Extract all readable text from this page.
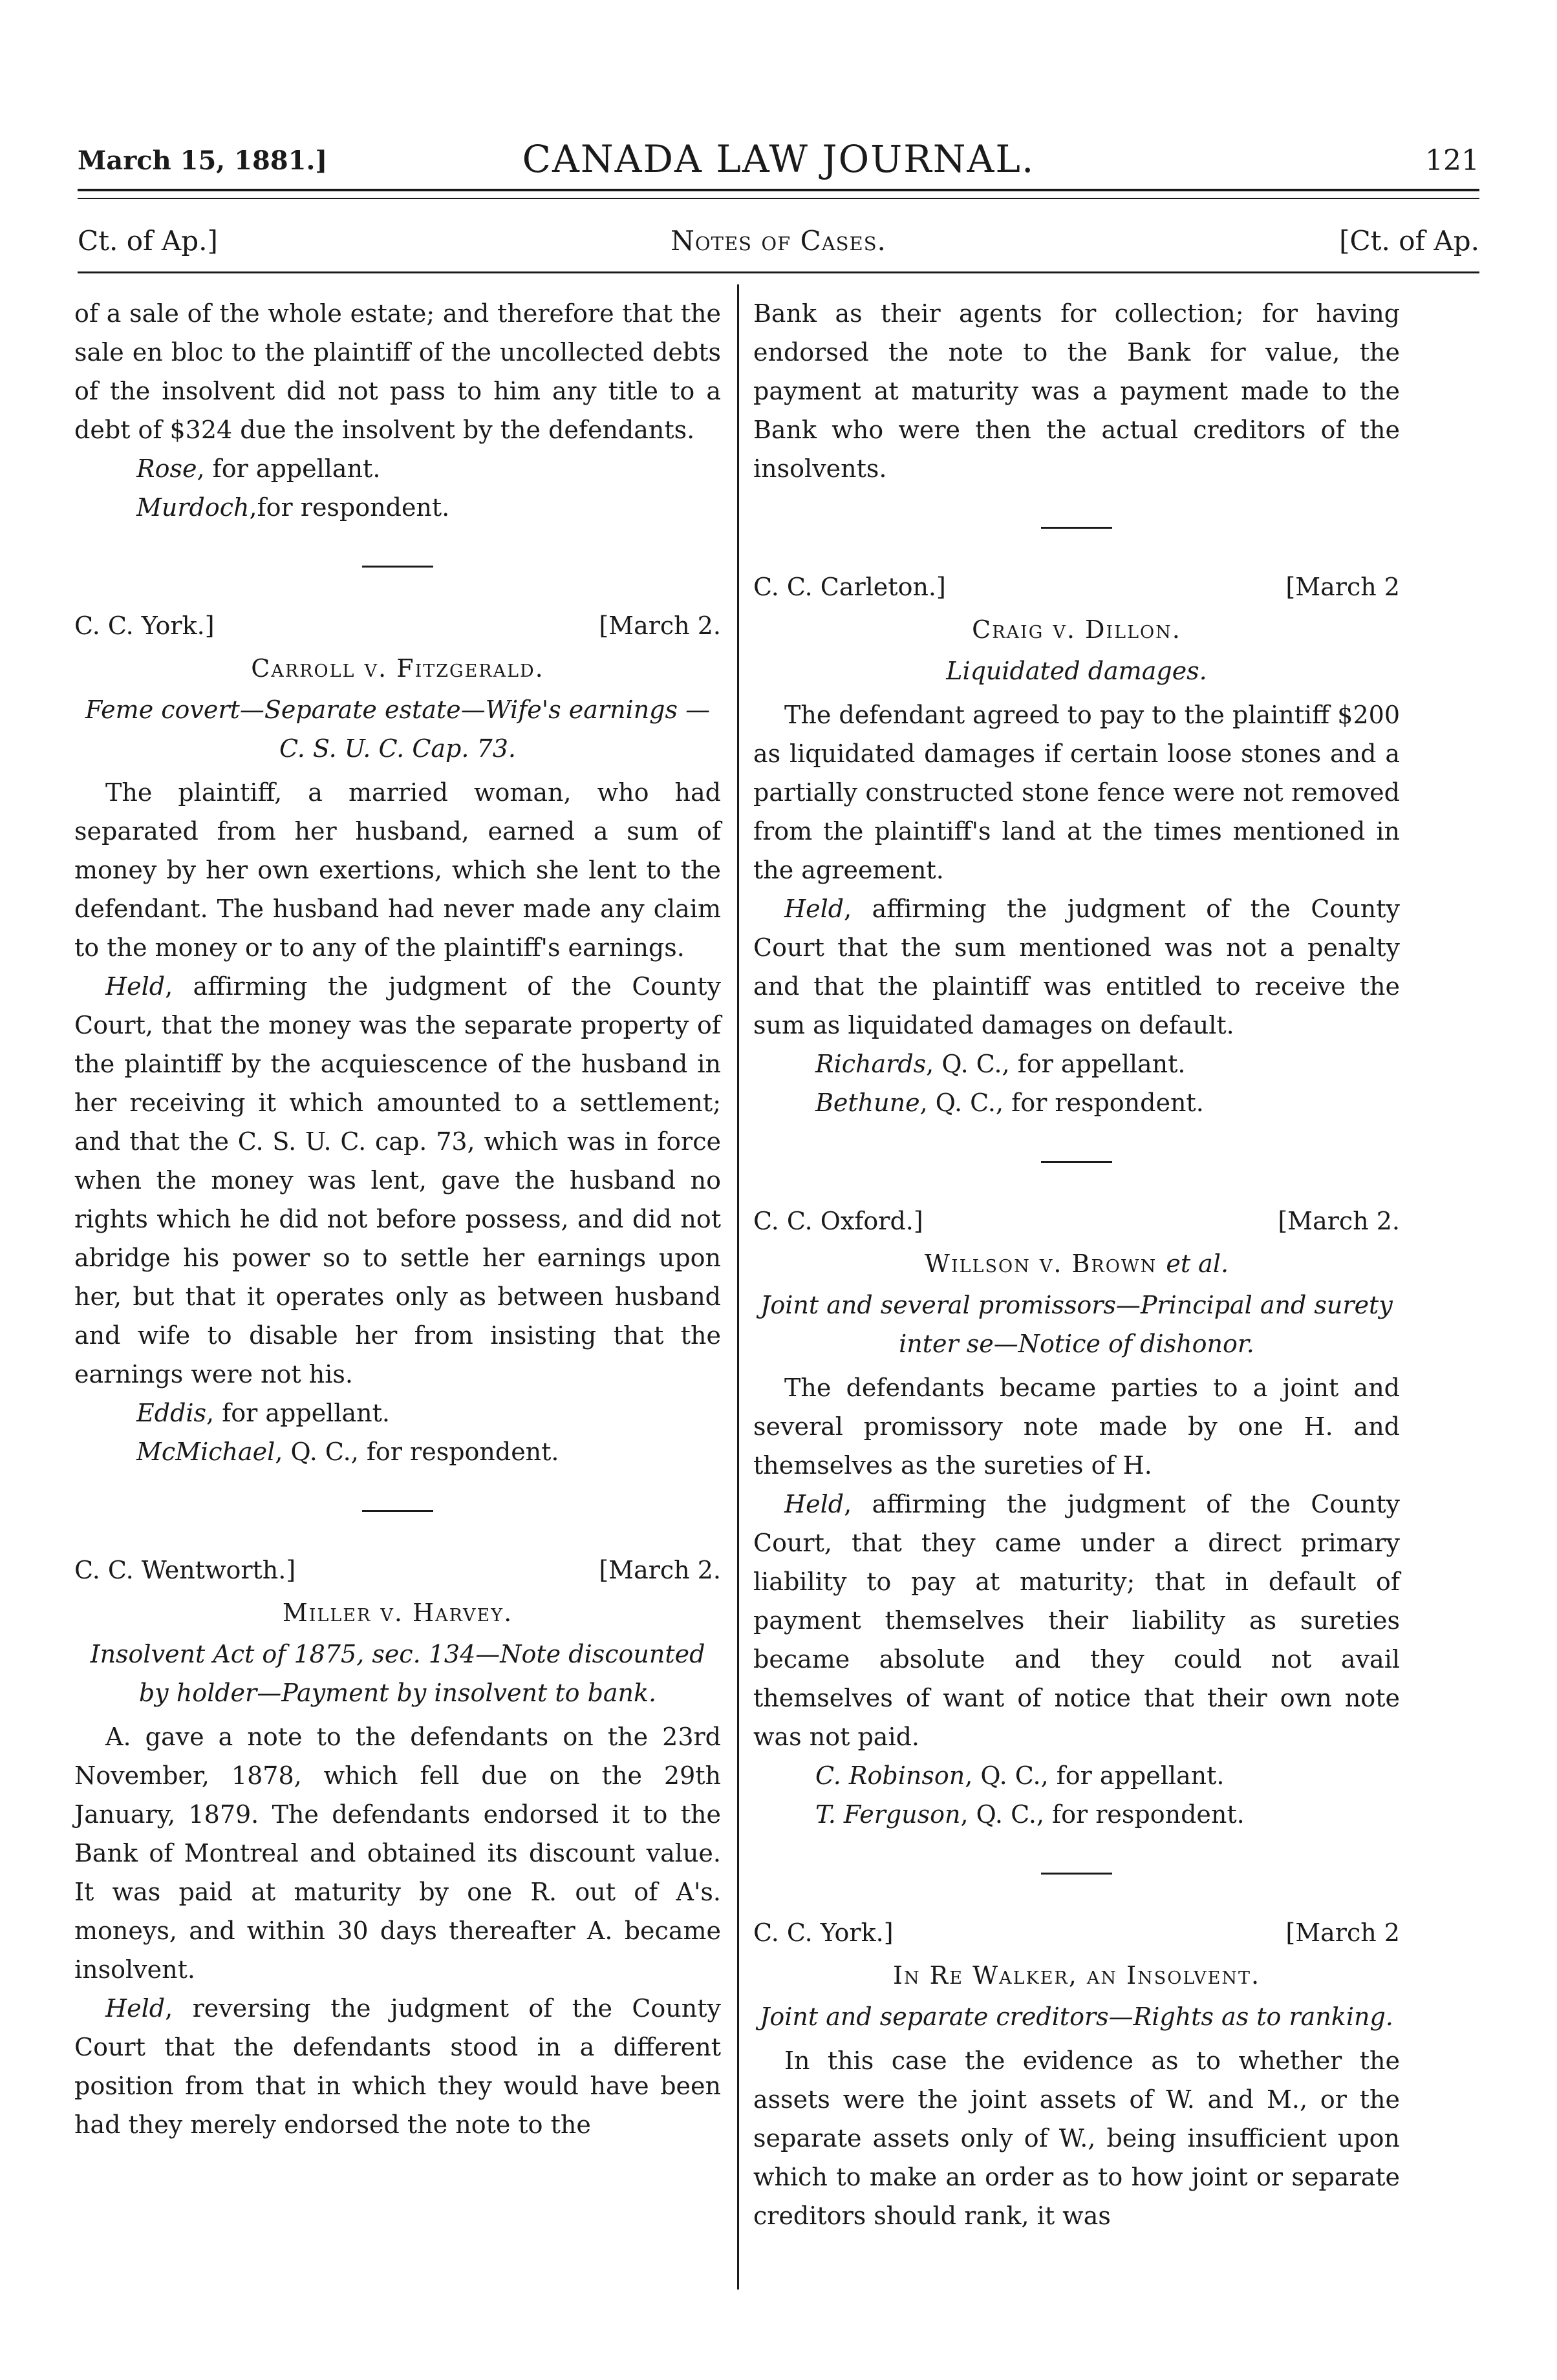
March 15, 1881.]	CANADA LAW JOURNAL.	121
Ct. of Ap.]	Notes of Cases.	[Ct. of Ap.

of a sale of the whole estate; and therefore that the sale en bloc to the plaintiff of the uncollected debts of the insolvent did not pass to him any title to a debt of $324 due the insolvent by the defendants.

Rose, for appellant.

Murdoch,for respondent.

C. C. York.]	[March 2.
Carroll v. Fitzgerald.
Feme covert—Separate estate—Wife's earnings —C. S. U. C. Cap. 73.

The plaintiff, a married woman, who had separated from her husband, earned a sum of money by her own exertions, which she lent to the defendant. The husband had never made any claim to the money or to any of the plaintiff's earnings.

Held, affirming the judgment of the County Court, that the money was the separate property of the plaintiff by the acquiescence of the husband in her receiving it which amounted to a settlement; and that the C. S. U. C. cap. 73, which was in force when the money was lent, gave the husband no rights which he did not before possess, and did not abridge his power so to settle her earnings upon her, but that it operates only as between husband and wife to disable her from insisting that the earnings were not his.

Eddis, for appellant.

McMichael, Q. C., for respondent.

C. C. Wentworth.]	[March 2.
Miller v. Harvey.
Insolvent Act of 1875, sec. 134—Note discounted by holder—Payment by insolvent to bank.

A. gave a note to the defendants on the 23rd November, 1878, which fell due on the 29th January, 1879. The defendants endorsed it to the Bank of Montreal and obtained its discount value. It was paid at maturity by one R. out of A's. moneys, and within 30 days thereafter A. became insolvent.

Held, reversing the judgment of the County Court that the defendants stood in a different position from that in which they would have been had they merely endorsed the note to the

Bank as their agents for collection; for having endorsed the note to the Bank for value, the payment at maturity was a payment made to the Bank who were then the actual creditors of the insolvents.

C. C. Carleton.]	[March 2
Craig v. Dillon.
Liquidated damages.

The defendant agreed to pay to the plaintiff $200 as liquidated damages if certain loose stones and a partially constructed stone fence were not removed from the plaintiff's land at the times mentioned in the agreement.

Held, affirming the judgment of the County Court that the sum mentioned was not a penalty and that the plaintiff was entitled to receive the sum as liquidated damages on default.

Richards, Q. C., for appellant.

Bethune, Q. C., for respondent.

C. C. Oxford.]	[March 2.
Willson v. Brown et al.
Joint and several promissors—Principal and surety inter se—Notice of dishonor.

The defendants became parties to a joint and several promissory note made by one H. and themselves as the sureties of H.

Held, affirming the judgment of the County Court, that they came under a direct primary liability to pay at maturity; that in default of payment themselves their liability as sureties became absolute and they could not avail themselves of want of notice that their own note was not paid.

C. Robinson, Q. C., for appellant.

T. Ferguson, Q. C., for respondent.

C. C. York.]	[March 2
In Re Walker, an Insolvent.
Joint and separate creditors—Rights as to ranking.

In this case the evidence as to whether the assets were the joint assets of W. and M., or the separate assets only of W., being insufficient upon which to make an order as to how joint or separate creditors should rank, it was
